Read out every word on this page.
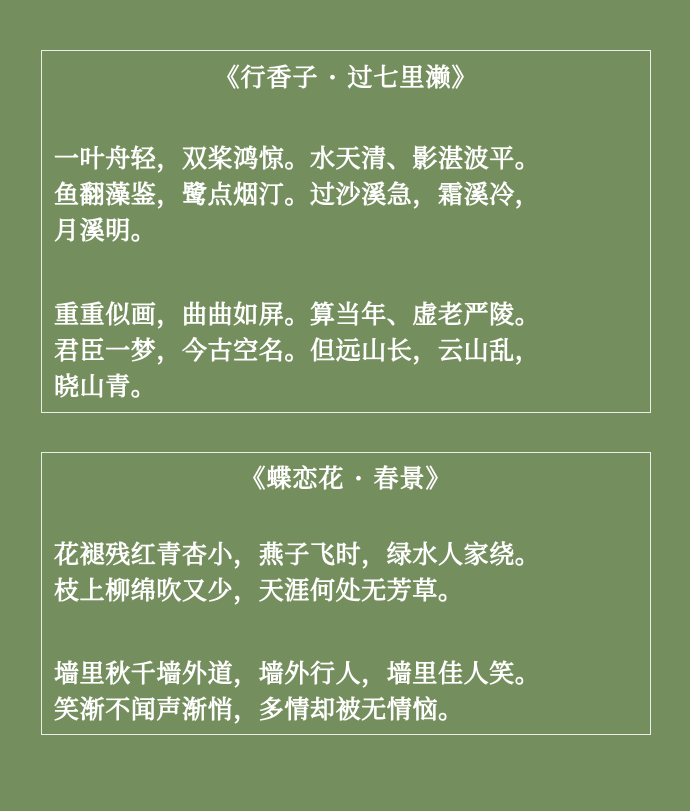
《行香子 · 过七里濑》
一叶舟轻，双桨鸿惊。水天清、影湛波平。
鱼翻藻鉴，鹭点烟汀。过沙溪急，霜溪冷，
月溪明。
重重似画，曲曲如屏。算当年、虚老严陵。
君臣一梦，今古空名。但远山长，云山乱，
晓山青。
《蝶恋花 · 春景》
花褪残红青杏小，燕子飞时，绿水人家绕。
枝上柳绵吹又少，天涯何处无芳草。
墙里秋千墙外道，墙外行人，墙里佳人笑。
笑渐不闻声渐悄，多情却被无情恼。
